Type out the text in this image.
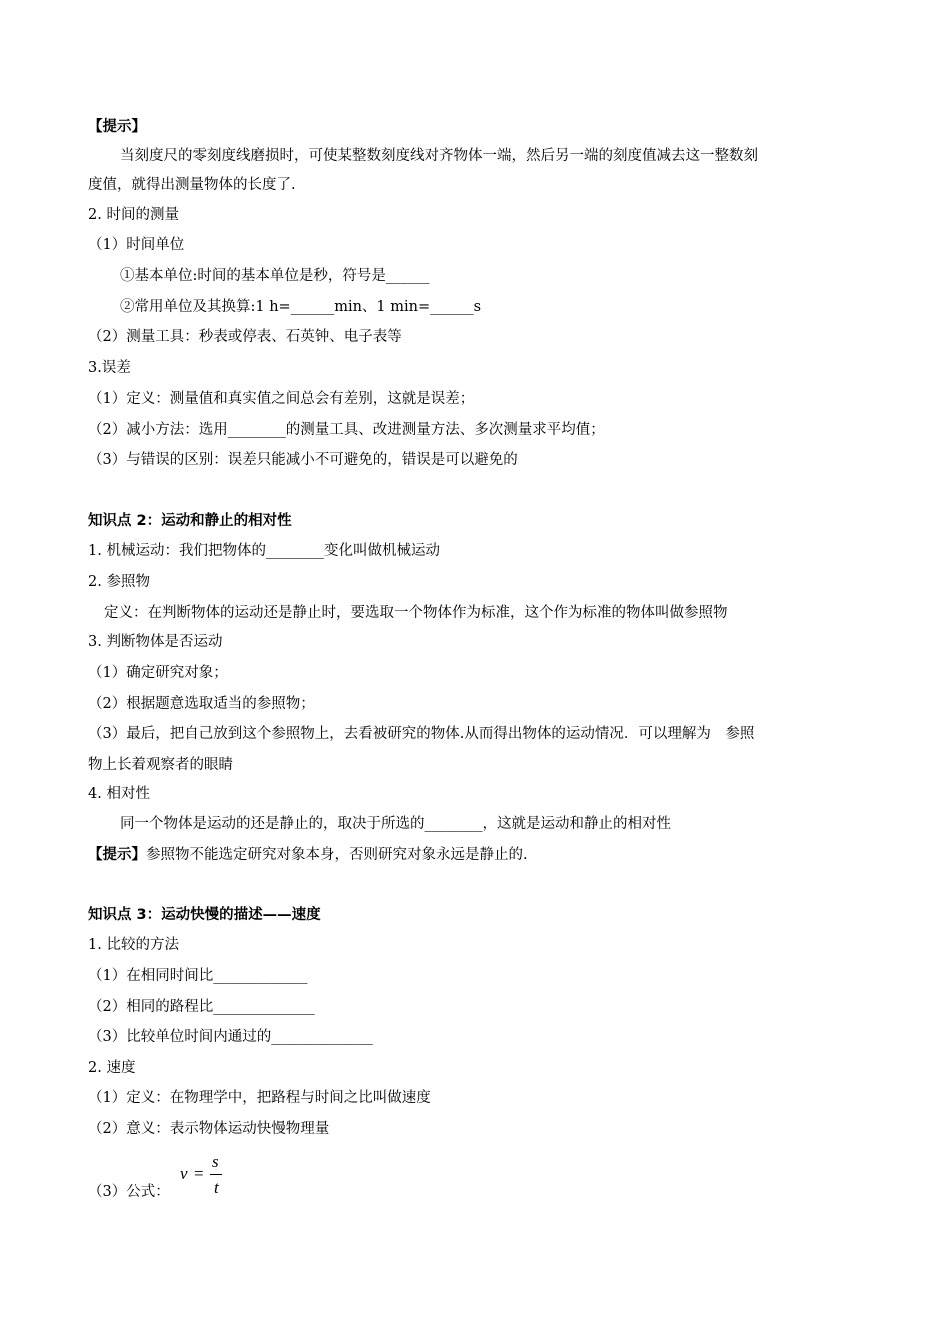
【提示】
当刻度尺的零刻度线磨损时，可使某整数刻度线对齐物体一端，然后另一端的刻度值减去这一整数刻
度值，就得出测量物体的长度了.
2. 时间的测量
（1）时间单位
①基本单位:时间的基本单位是秒，符号是______
②常用单位及其换算:1 h=______min、1 min=______s
（2）测量工具：秒表或停表、石英钟、电子表等
3.误差
（1）定义：测量值和真实值之间总会有差别，这就是误差；
（2）减小方法：选用________的测量工具、改进测量方法、多次测量求平均值；
（3）与错误的区别：误差只能减小不可避免的，错误是可以避免的
知识点 2：运动和静止的相对性
1. 机械运动：我们把物体的________变化叫做机械运动
2. 参照物
定义：在判断物体的运动还是静止时，要选取一个物体作为标准，这个作为标准的物体叫做参照物
3. 判断物体是否运动
（1）确定研究对象；
（2）根据题意选取适当的参照物；
（3）最后，把自己放到这个参照物上，去看被研究的物体.从而得出物体的运动情况．可以理解为　参照
物上长着观察者的眼睛
4. 相对性
同一个物体是运动的还是静止的，取决于所选的________，这就是运动和静止的相对性
【提示】参照物不能选定研究对象本身，否则研究对象永远是静止的.
知识点 3：运动快慢的描述——速度
1. 比较的方法
（1）在相同时间比_____________
（2）相同的路程比______________
（3）比较单位时间内通过的______________
2. 速度
（1）定义：在物理学中，把路程与时间之比叫做速度
（2）意义：表示物体运动快慢物理量
（3）公式：
v =
s
t
